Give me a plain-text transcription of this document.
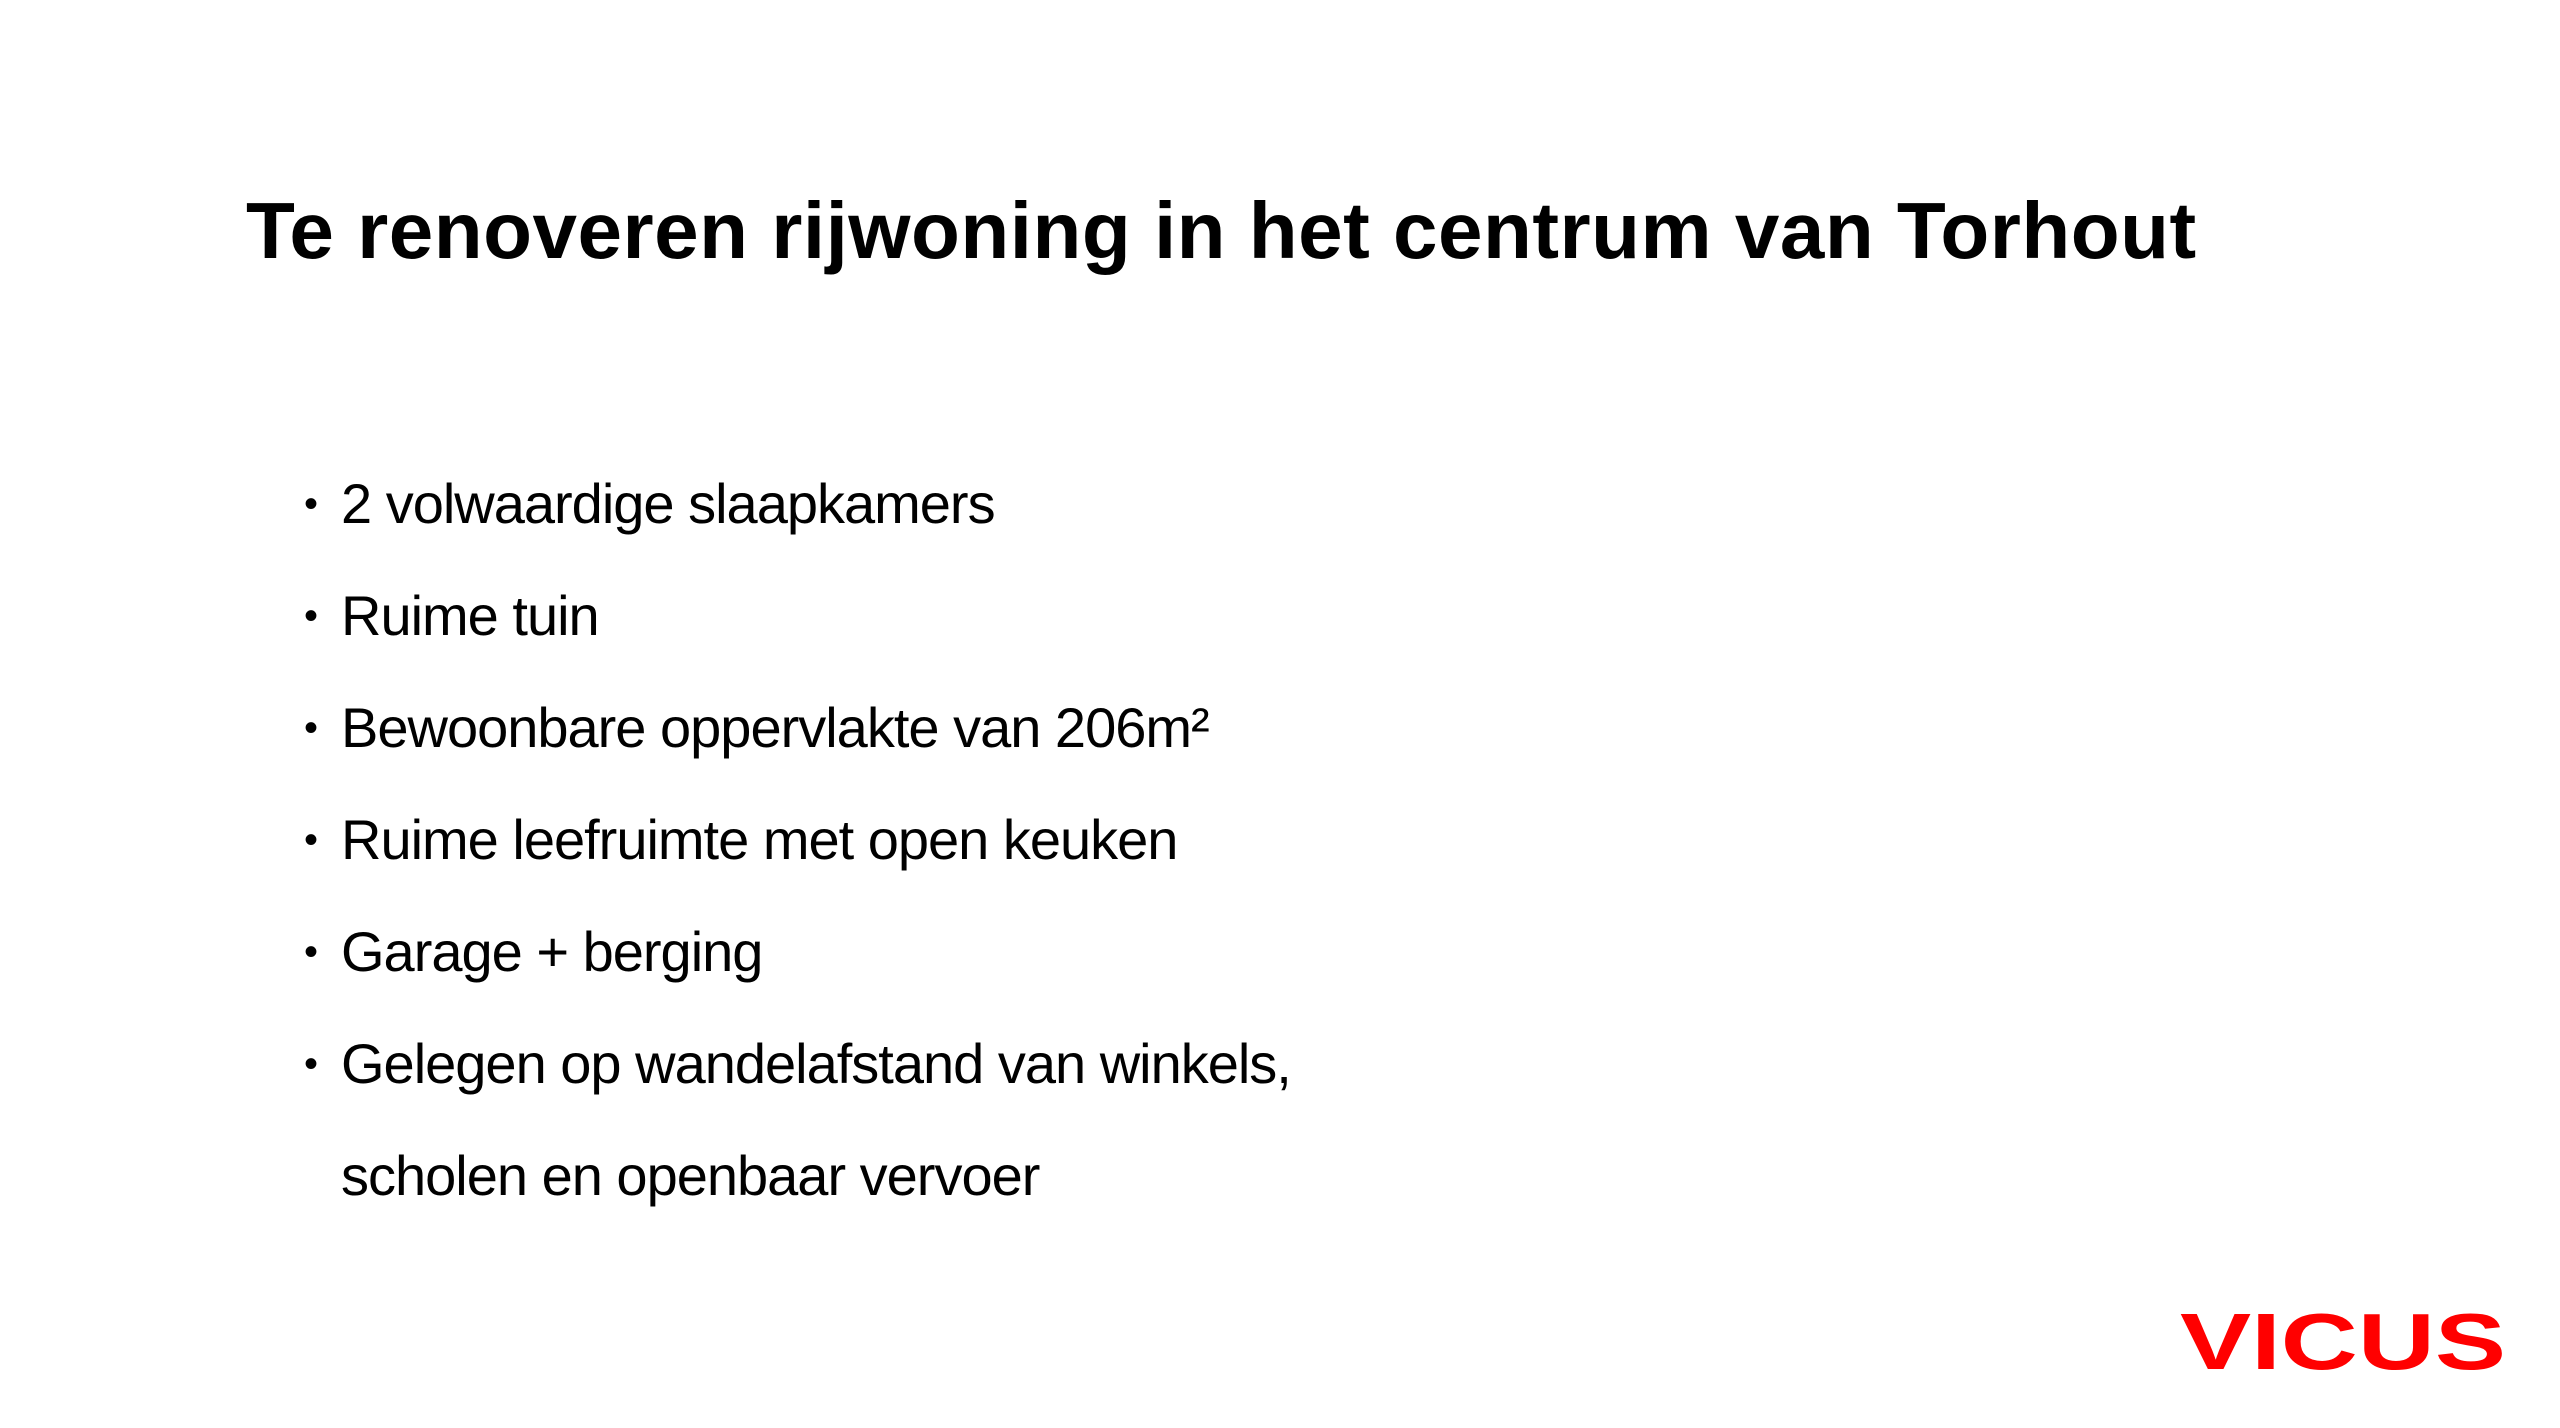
Te renoveren rijwoning in het centrum van Torhout
• 2 volwaardige slaapkamers
• Ruime tuin
• Bewoonbare oppervlakte van 206m²
• Ruime leefruimte met open keuken
• Garage + berging
• Gelegen op wandelafstand van winkels,
scholen en openbaar vervoer
VICUS
